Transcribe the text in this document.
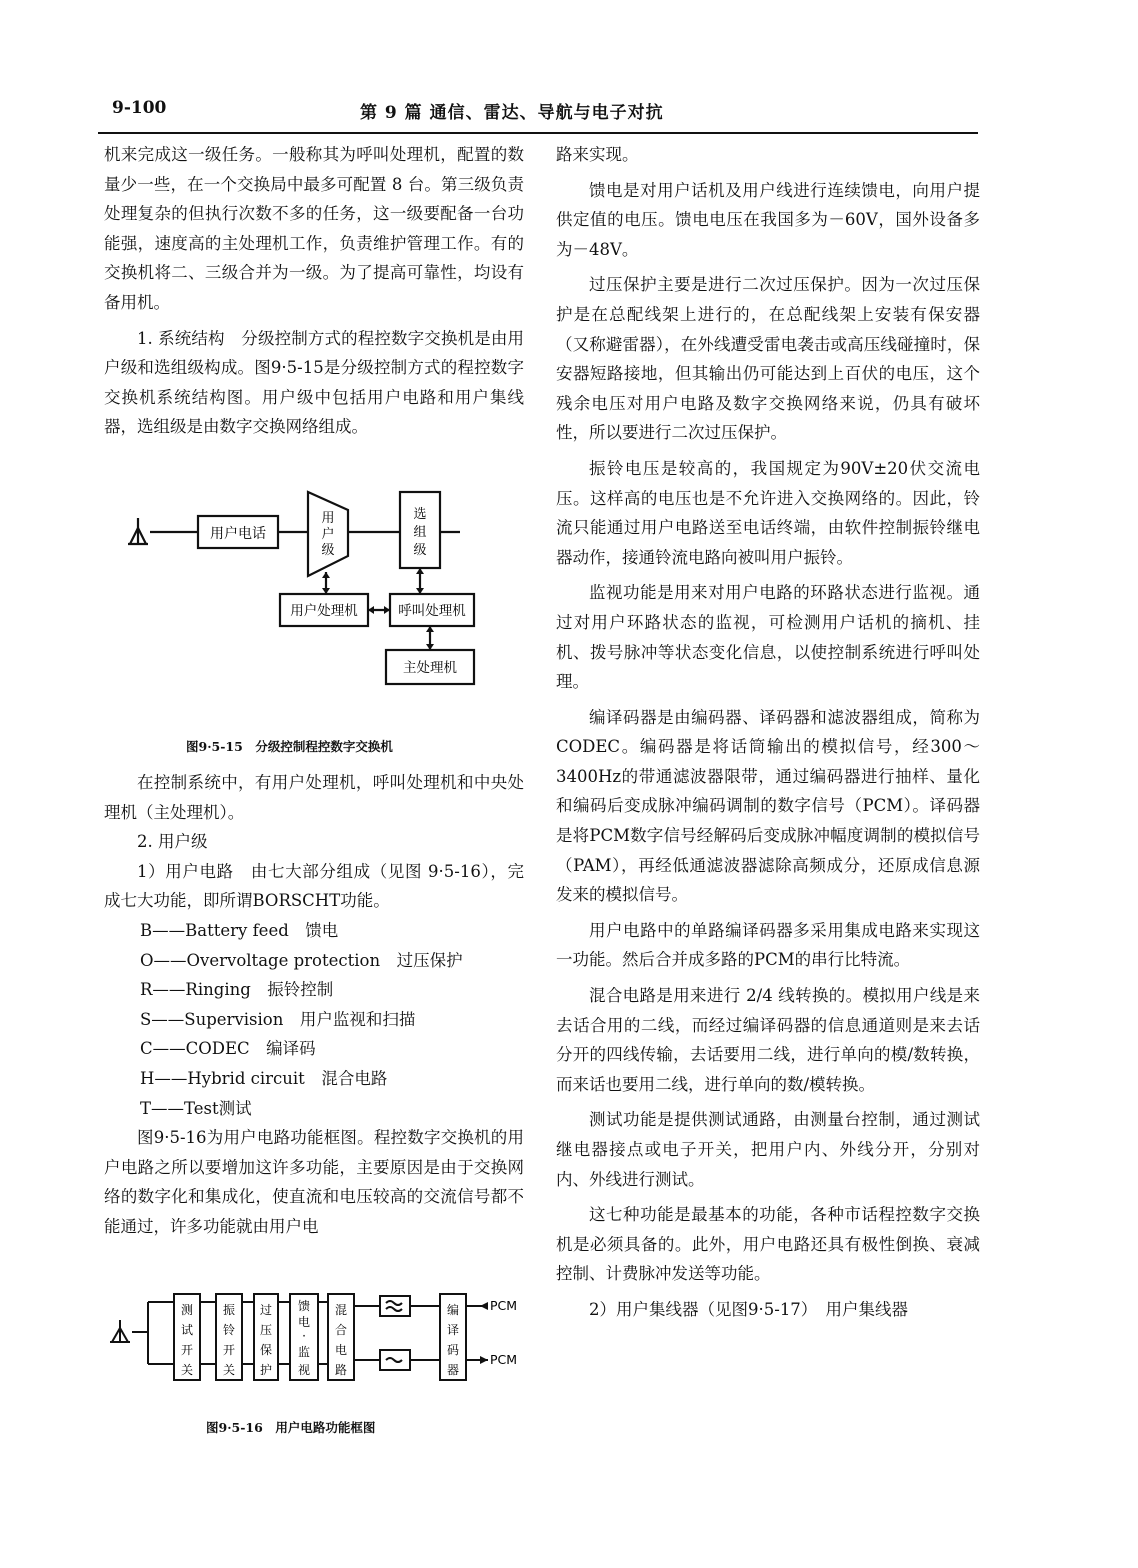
9-100	第 9 篇 通信、雷达、导航与电子对抗

机来完成这一级任务。一般称其为呼叫处理机，配置的数量少一些，在一个交换局中最多可配置 8 台。第三级负责处理复杂的但执行次数不多的任务，这一级要配备一台功能强，速度高的主处理机工作，负责维护管理工作。有的交换机将二、三级合并为一级。为了提高可靠性，均设有备用机。

1. 系统结构　分级控制方式的程控数字交换机是由用户级和选组级构成。图9·5-15是分级控制方式的程控数字交换机系统结构图。用户级中包括用户电路和用户集线器，选组级是由数字交换网络组成。

用户电话
用
户
级
选
组
级
用户处理机	呼叫处理机
主处理机
图9·5-15　分级控制程控数字交换机

在控制系统中，有用户处理机，呼叫处理机和中央处理机（主处理机）。

2. 用户级

1）用户电路　由七大部分组成（见图 9·5-16），完成七大功能，即所谓BORSCHT功能。

B——Battery feed　馈电
O——Overvoltage protection　过压保护
R——Ringing　振铃控制
S——Supervision　用户监视和扫描
C——CODEC　编译码
H——Hybrid circuit　混合电路
T——Test测试

图9·5-16为用户电路功能框图。程控数字交换机的用户电路之所以要增加这许多功能，主要原因是由于交换网络的数字化和集成化，使直流和电压较高的交流信号都不能通过，许多功能就由用户电

测
试
开
关
振
铃
开
关
过
压
保
护
馈
电
·
监
视
混
合
电
路
编
译
码
器
PCM
PCM
图9·5-16　用户电路功能框图

路来实现。

馈电是对用户话机及用户线进行连续馈电，向用户提供定值的电压。馈电电压在我国多为－60V，国外设备多为－48V。

过压保护主要是进行二次过压保护。因为一次过压保护是在总配线架上进行的，在总配线架上安装有保安器（又称避雷器），在外线遭受雷电袭击或高压线碰撞时，保安器短路接地，但其输出仍可能达到上百伏的电压，这个残余电压对用户电路及数字交换网络来说，仍具有破坏性，所以要进行二次过压保护。

振铃电压是较高的，我国规定为90V±20伏交流电压。这样高的电压也是不允许进入交换网络的。因此，铃流只能通过用户电路送至电话终端，由软件控制振铃继电器动作，接通铃流电路向被叫用户振铃。

监视功能是用来对用户电路的环路状态进行监视。通过对用户环路状态的监视，可检测用户话机的摘机、挂机、拨号脉冲等状态变化信息，以使控制系统进行呼叫处理。

编译码器是由编码器、译码器和滤波器组成，简称为CODEC。编码器是将话筒输出的模拟信号，经300～3400Hz的带通滤波器限带，通过编码器进行抽样、量化和编码后变成脉冲编码调制的数字信号（PCM）。译码器是将PCM数字信号经解码后变成脉冲幅度调制的模拟信号（PAM），再经低通滤波器滤除高频成分，还原成信息源发来的模拟信号。

用户电路中的单路编译码器多采用集成电路来实现这一功能。然后合并成多路的PCM的串行比特流。

混合电路是用来进行 2/4 线转换的。模拟用户线是来去话合用的二线，而经过编译码器的信息通道则是来去话分开的四线传输，去话要用二线，进行单向的模/数转换，而来话也要用二线，进行单向的数/模转换。

测试功能是提供测试通路，由测量台控制，通过测试继电器接点或电子开关，把用户内、外线分开，分别对内、外线进行测试。

这七种功能是最基本的功能，各种市话程控数字交换机是必须具备的。此外，用户电路还具有极性倒换、衰减控制、计费脉冲发送等功能。

2）用户集线器（见图9·5-17）　用户集线器
